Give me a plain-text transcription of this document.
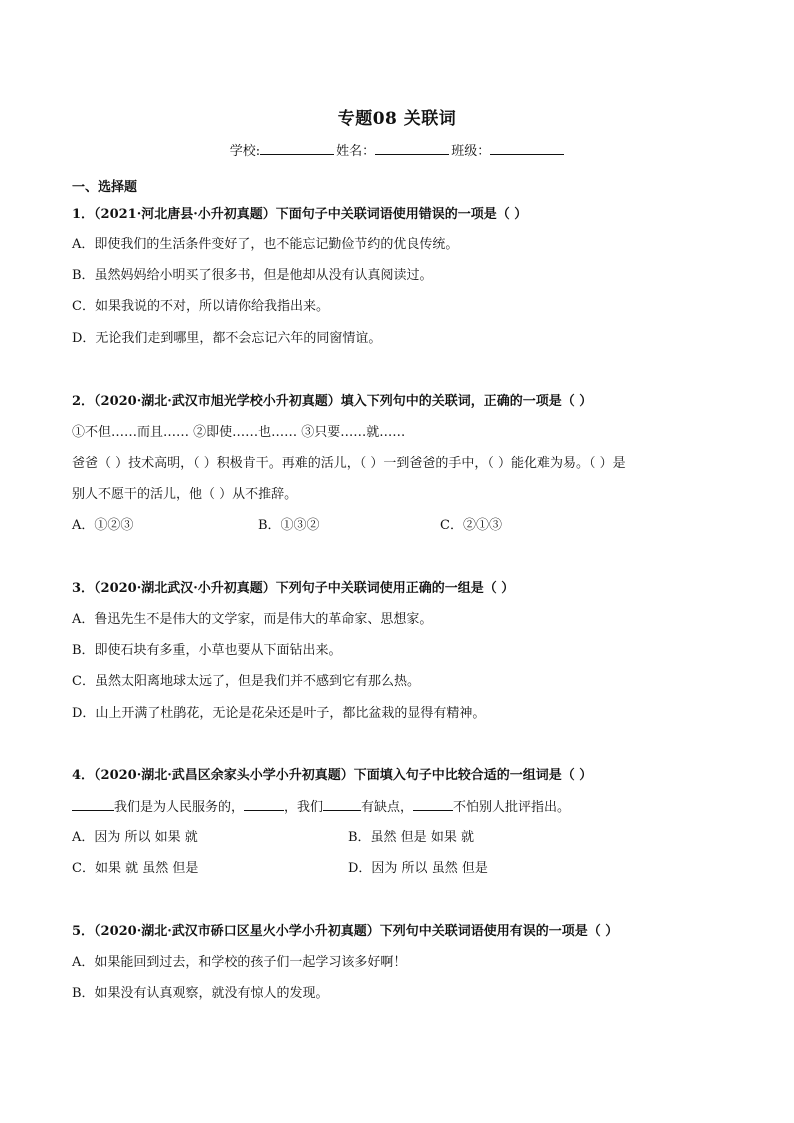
专题08 关联词
学校:	姓名：	班级：
一、选择题
1．（2021·河北唐县·小升初真题）下面句子中关联词语使用错误的一项是（ ）
A．即使我们的生活条件变好了，也不能忘记勤俭节约的优良传统。
B．虽然妈妈给小明买了很多书，但是他却从没有认真阅读过。
C．如果我说的不对，所以请你给我指出来。
D．无论我们走到哪里，都不会忘记六年的同窗情谊。
2．（2020·湖北·武汉市旭光学校小升初真题）填入下列句中的关联词，正确的一项是（ ）
①不但……而且…… ②即使……也…… ③只要……就……
爸爸（ ）技术高明，（ ）积极肯干。再难的活儿，（ ）一到爸爸的手中，（ ）能化难为易。（ ）是
别人不愿干的活儿，他（ ）从不推辞。
A．①②③	B．①③②	C．②①③
3．（2020·湖北武汉·小升初真题）下列句子中关联词使用正确的一组是（ ）
A．鲁迅先生不是伟大的文学家，而是伟大的革命家、思想家。
B．即使石块有多重，小草也要从下面钻出来。
C．虽然太阳离地球太远了，但是我们并不感到它有那么热。
D．山上开满了杜鹃花，无论是花朵还是叶子，都比盆栽的显得有精神。
4．（2020·湖北·武昌区余家头小学小升初真题）下面填入句子中比较合适的一组词是（ ）
我们是为人民服务的，	，我们	有缺点，	不怕别人批评指出。
A．因为 所以 如果 就	B．虽然 但是 如果 就
C．如果 就 虽然 但是	D．因为 所以 虽然 但是
5．（2020·湖北·武汉市硚口区星火小学小升初真题）下列句中关联词语使用有误的一项是（ ）
A．如果能回到过去，和学校的孩子们一起学习该多好啊！
B．如果没有认真观察，就没有惊人的发现。
